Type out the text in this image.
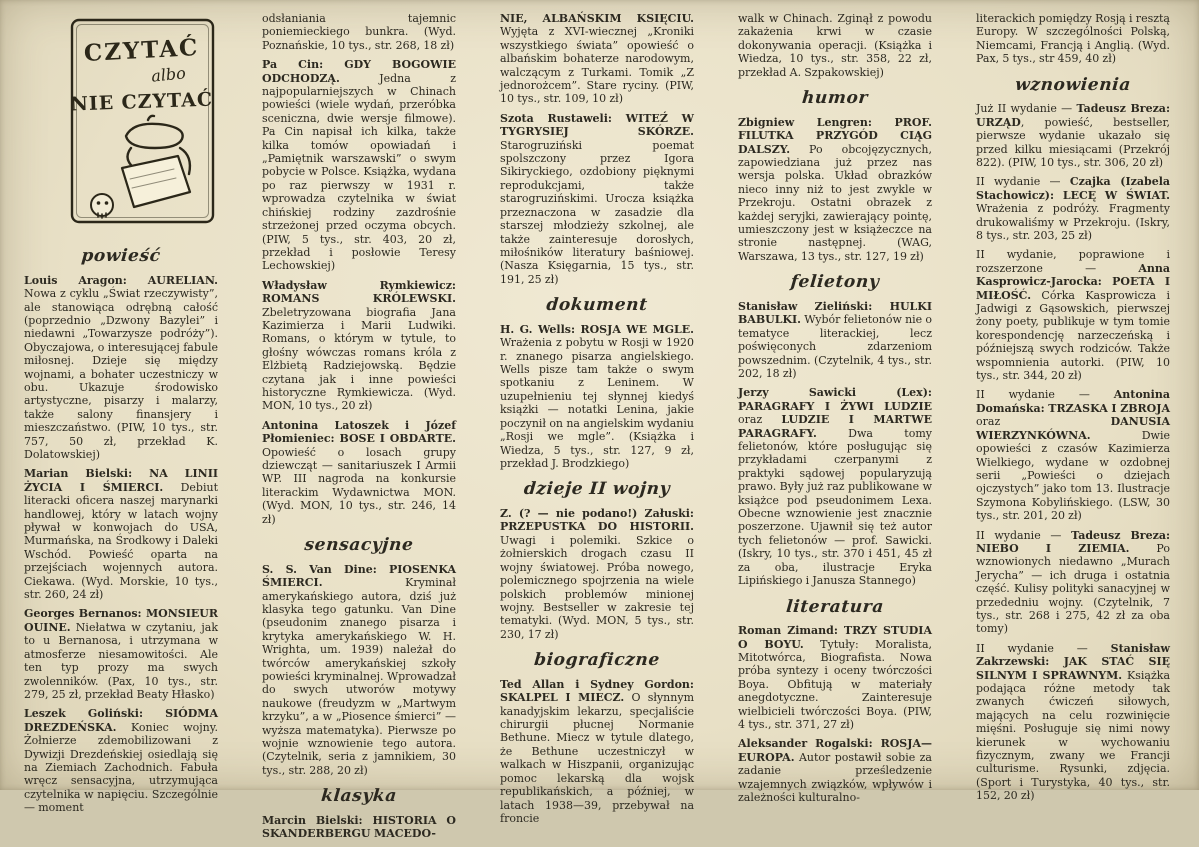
CZYTAĆ
albo
NIE CZYTAĆ
powieść

Louis Aragon: AURELIAN. Nowa z cyklu „Świat rzeczywisty”, ale stanowiąca odrębną całość (poprzednio „Dzwony Bazylei” i niedawni „Towarzysze podróży”). Obyczajowa, o interesującej fabule miłosnej. Dzieje się między wojnami, a bohater uczestniczy w obu. Ukazuje środowisko artystyczne, pisarzy i malarzy, także salony finansjery i mieszczaństwo. (PIW, 10 tys., str. 757, 50 zł, przekład K. Dolatowskiej)

Marian Bielski: NA LINII ŻYCIA I ŚMIERCI. Debiut literacki oficera naszej marynarki handlowej, który w latach wojny pływał w konwojach do USA, Murmańska, na Środkowy i Daleki Wschód. Powieść oparta na przejściach wojennych autora. Ciekawa. (Wyd. Morskie, 10 tys., str. 260, 24 zł)

Georges Bernanos: MONSIEUR OUINE. Niełatwa w czytaniu, jak to u Bernanosa, i utrzymana w atmosferze niesamowitości. Ale ten typ prozy ma swych zwolenników. (Pax, 10 tys., str. 279, 25 zł, przekład Beaty Hłasko)

Leszek Goliński: SIÓDMA DREZDEŃSKA. Koniec wojny. Żołnierze zdemobilizowani z Dywizji Drezdeńskiej osiedlają się na Ziemiach Zachodnich. Fabuła wręcz sensacyjna, utrzymująca czytelnika w napięciu. Szczególnie — moment

odsłaniania tajemnic poniemieckiego bunkra. (Wyd. Poznańskie, 10 tys., str. 268, 18 zł)

Pa Cin: GDY BOGOWIE ODCHODZĄ. Jedna z najpopularniejszych w Chinach powieści (wiele wydań, przeróbka sceniczna, dwie wersje filmowe). Pa Cin napisał ich kilka, także kilka tomów opowiadań i „Pamiętnik warszawski” o swym pobycie w Polsce. Książka, wydana po raz pierwszy w 1931 r. wprowadza czytelnika w świat chińskiej rodziny zazdrośnie strzeżonej przed oczyma obcych. (PIW, 5 tys., str. 403, 20 zł, przekład i posłowie Teresy Lechowskiej)

Władysław Rymkiewicz: ROMANS KRÓLEWSKI. Zbeletryzowana biografia Jana Kazimierza i Marii Ludwiki. Romans, o którym w tytule, to głośny wówczas romans króla z Elżbietą Radziejowską. Będzie czytana jak i inne powieści historyczne Rymkiewicza. (Wyd. MON, 10 tys., 20 zł)

Antonina Latoszek i Józef Płomieniec: BOSE I OBDARTE. Opowieść o losach grupy dziewcząt — sanitariuszek I Armii WP. III nagroda na konkursie literackim Wydawnictwa MON. (Wyd. MON, 10 tys., str. 246, 14 zł)

sensacyjne

S. S. Van Dine: PIOSENKA ŚMIERCI. Kryminał amerykańskiego autora, dziś już klasyka tego gatunku. Van Dine (pseudonim znanego pisarza i krytyka amerykańskiego W. H. Wrighta, um. 1939) należał do twórców amerykańskiej szkoły powieści kryminalnej. Wprowadzał do swych utworów motywy naukowe (freudyzm w „Martwym krzyku”, a w „Piosence śmierci” — wyższa matematyka). Pierwsze po wojnie wznowienie tego autora. (Czytelnik, seria z jamnikiem, 30 tys., str. 288, 20 zł)

klasyka

Marcin Bielski: HISTORIA O SKANDERBERGU MACEDO-

NIE, ALBAŃSKIM KSIĘCIU. Wyjęta z XVI-wiecznej „Kroniki wszystkiego świata” opowieść o albańskim bohaterze narodowym, walczącym z Turkami. Tomik „Z jednorożcem”. Stare ryciny. (PIW, 10 tys., str. 109, 10 zł)

Szota Rustaweli: WITEŹ W TYGRYSIEJ SKÓRZE. Starogruziński poemat spolszczony przez Igora Sikiryckiego, ozdobiony pięknymi reprodukcjami, także starogruzińskimi. Urocza książka przeznaczona w zasadzie dla starszej młodzieży szkolnej, ale także zainteresuje dorosłych, miłośników literatury baśniowej. (Nasza Księgarnia, 15 tys., str. 191, 25 zł)

dokument

H. G. Wells: ROSJA WE MGLE. Wrażenia z pobytu w Rosji w 1920 r. znanego pisarza angielskiego. Wells pisze tam także o swym spotkaniu z Leninem. W uzupełnieniu tej słynnej kiedyś książki — notatki Lenina, jakie poczynił on na angielskim wydaniu „Rosji we mgle”. (Książka i Wiedza, 5 tys., str. 127, 9 zł, przekład J. Brodzkiego)

dzieje II wojny

Z. (? — nie podano!) Załuski: PRZEPUSTKA DO HISTORII. Uwagi i polemiki. Szkice o żołnierskich drogach czasu II wojny światowej. Próba nowego, polemicznego spojrzenia na wiele polskich problemów minionej wojny. Bestseller w zakresie tej tematyki. (Wyd. MON, 5 tys., str. 230, 17 zł)

biograficzne

Ted Allan i Sydney Gordon: SKALPEL I MIECZ. O słynnym kanadyjskim lekarzu, specjaliście chirurgii płucnej Normanie Bethune. Miecz w tytule dlatego, że Bethune uczestniczył w walkach w Hiszpanii, organizując pomoc lekarską dla wojsk republikańskich, a później, w latach 1938—39, przebywał na froncie

walk w Chinach. Zginął z powodu zakażenia krwi w czasie dokonywania operacji. (Książka i Wiedza, 10 tys., str. 358, 22 zł, przekład A. Szpakowskiej)

humor

Zbigniew Lengren: PROF. FILUTKA PRZYGÓD CIĄG DALSZY. Po obcojęzycznych, zapowiedziana już przez nas wersja polska. Układ obrazków nieco inny niż to jest zwykle w Przekroju. Ostatni obrazek z każdej seryjki, zawierający pointę, umieszczony jest w książeczce na stronie następnej. (WAG, Warszawa, 13 tys., str. 127, 19 zł)

felietony

Stanisław Zieliński: HULKI BABULKI. Wybór felietonów nie o tematyce literackiej, lecz poświęconych zdarzeniom powszednim. (Czytelnik, 4 tys., str. 202, 18 zł)

Jerzy Sawicki (Lex): PARAGRAFY I ŻYWI LUDZIE oraz LUDZIE I MARTWE PARAGRAFY. Dwa tomy felietonów, które posługując się przykładami czerpanymi z praktyki sądowej popularyzują prawo. Były już raz publikowane w książce pod pseudonimem Lexa. Obecne wznowienie jest znacznie poszerzone. Ujawnił się też autor tych felietonów — prof. Sawicki. (Iskry, 10 tys., str. 370 i 451, 45 zł za oba, ilustracje Eryka Lipińskiego i Janusza Stannego)

literatura

Roman Zimand: TRZY STUDIA O BOYU. Tytuły: Moralista, Mitotwórca, Biografista. Nowa próba syntezy i oceny twórczości Boya. Obfitują w materiały anegdotyczne. Zainteresuje wielbicieli twórczości Boya. (PIW, 4 tys., str. 371, 27 zł)

Aleksander Rogalski: ROSJA—EUROPA. Autor postawił sobie za zadanie prześledzenie wzajemnych związków, wpływów i zależności kulturalno-

literackich pomiędzy Rosją i resztą Europy. W szczególności Polską, Niemcami, Francją i Anglią. (Wyd. Pax, 5 tys., str 459, 40 zł)

wznowienia

Już II wydanie — Tadeusz Breza: URZĄD, powieść, bestseller, pierwsze wydanie ukazało się przed kilku miesiącami (Przekrój 822). (PIW, 10 tys., str. 306, 20 zł)

II wydanie — Czajka (Izabela Stachowicz): LECĘ W ŚWIAT. Wrażenia z podróży. Fragmenty drukowaliśmy w Przekroju. (Iskry, 8 tys., str. 203, 25 zł)

II wydanie, poprawione i rozszerzone — Anna Kasprowicz-Jarocka: POETA I MIŁOŚĆ. Córka Kasprowicza i Jadwigi z Gąsowskich, pierwszej żony poety, publikuje w tym tomie korespondencję narzeczeńską i późniejszą swych rodziców. Także wspomnienia autorki. (PIW, 10 tys., str. 344, 20 zł)

II wydanie — Antonina Domańska: TRZASKA I ZBROJA oraz DANUSIA WIERZYNKÓWNA. Dwie opowieści z czasów Kazimierza Wielkiego, wydane w ozdobnej serii „Powieści o dziejach ojczystych” jako tom 13. Ilustracje Szymona Kobylińskiego. (LSW, 30 tys., str. 201, 20 zł)

II wydanie — Tadeusz Breza: NIEBO I ZIEMIA. Po wznowionych niedawno „Murach Jerycha” — ich druga i ostatnia część. Kulisy polityki sanacyjnej w przededniu wojny. (Czytelnik, 7 tys., str. 268 i 275, 42 zł za oba tomy)

II wydanie — Stanisław Zakrzewski: JAK STAĆ SIĘ SILNYM I SPRAWNYM. Książka podająca różne metody tak zwanych ćwiczeń siłowych, mających na celu rozwinięcie mięśni. Posługuje się nimi nowy kierunek w wychowaniu fizycznym, zwany we Francji culturisme. Rysunki, zdjęcia. (Sport i Turystyka, 40 tys., str. 152, 20 zł)
